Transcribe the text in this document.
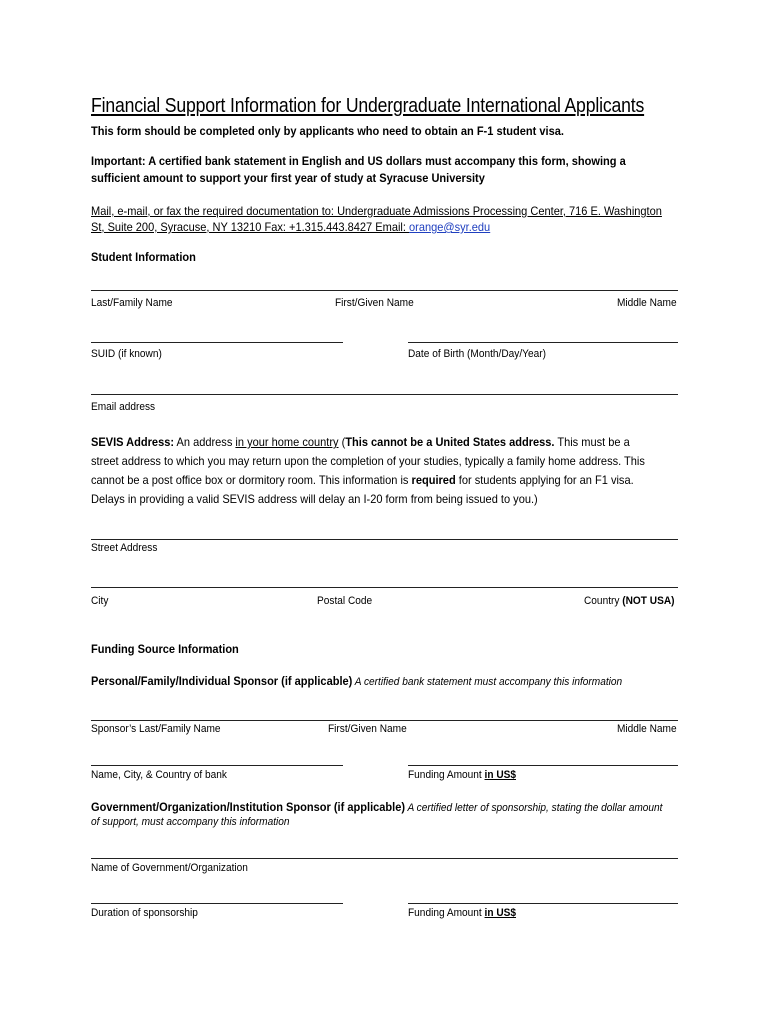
Financial Support Information for Undergraduate International Applicants
This form should be completed only by applicants who need to obtain an F-1 student visa.
Important: A certified bank statement in English and US dollars must accompany this form, showing a
sufficient amount to support your first year of study at Syracuse University
Mail, e-mail, or fax the required documentation to: Undergraduate Admissions Processing Center, 716 E. Washington
St, Suite 200, Syracuse, NY 13210 Fax: +1.315.443.8427 Email: orange@syr.edu
Student Information
Last/Family Name	First/Given Name	Middle Name
SUID (if known)	Date of Birth (Month/Day/Year)
Email address
SEVIS Address: An address in your home country (This cannot be a United States address. This must be a
street address to which you may return upon the completion of your studies, typically a family home address. This
cannot be a post office box or dormitory room. This information is required for students applying for an F1 visa.
Delays in providing a valid SEVIS address will delay an I-20 form from being issued to you.)
Street Address
City	Postal Code	Country (NOT USA)
Funding Source Information
Personal/Family/Individual Sponsor (if applicable) A certified bank statement must accompany this information
Sponsor’s Last/Family Name	First/Given Name	Middle Name
Name, City, & Country of bank	Funding Amount in US$
Government/Organization/Institution Sponsor (if applicable) A certified letter of sponsorship, stating the dollar amount
of support, must accompany this information
Name of Government/Organization
Duration of sponsorship	Funding Amount in US$
